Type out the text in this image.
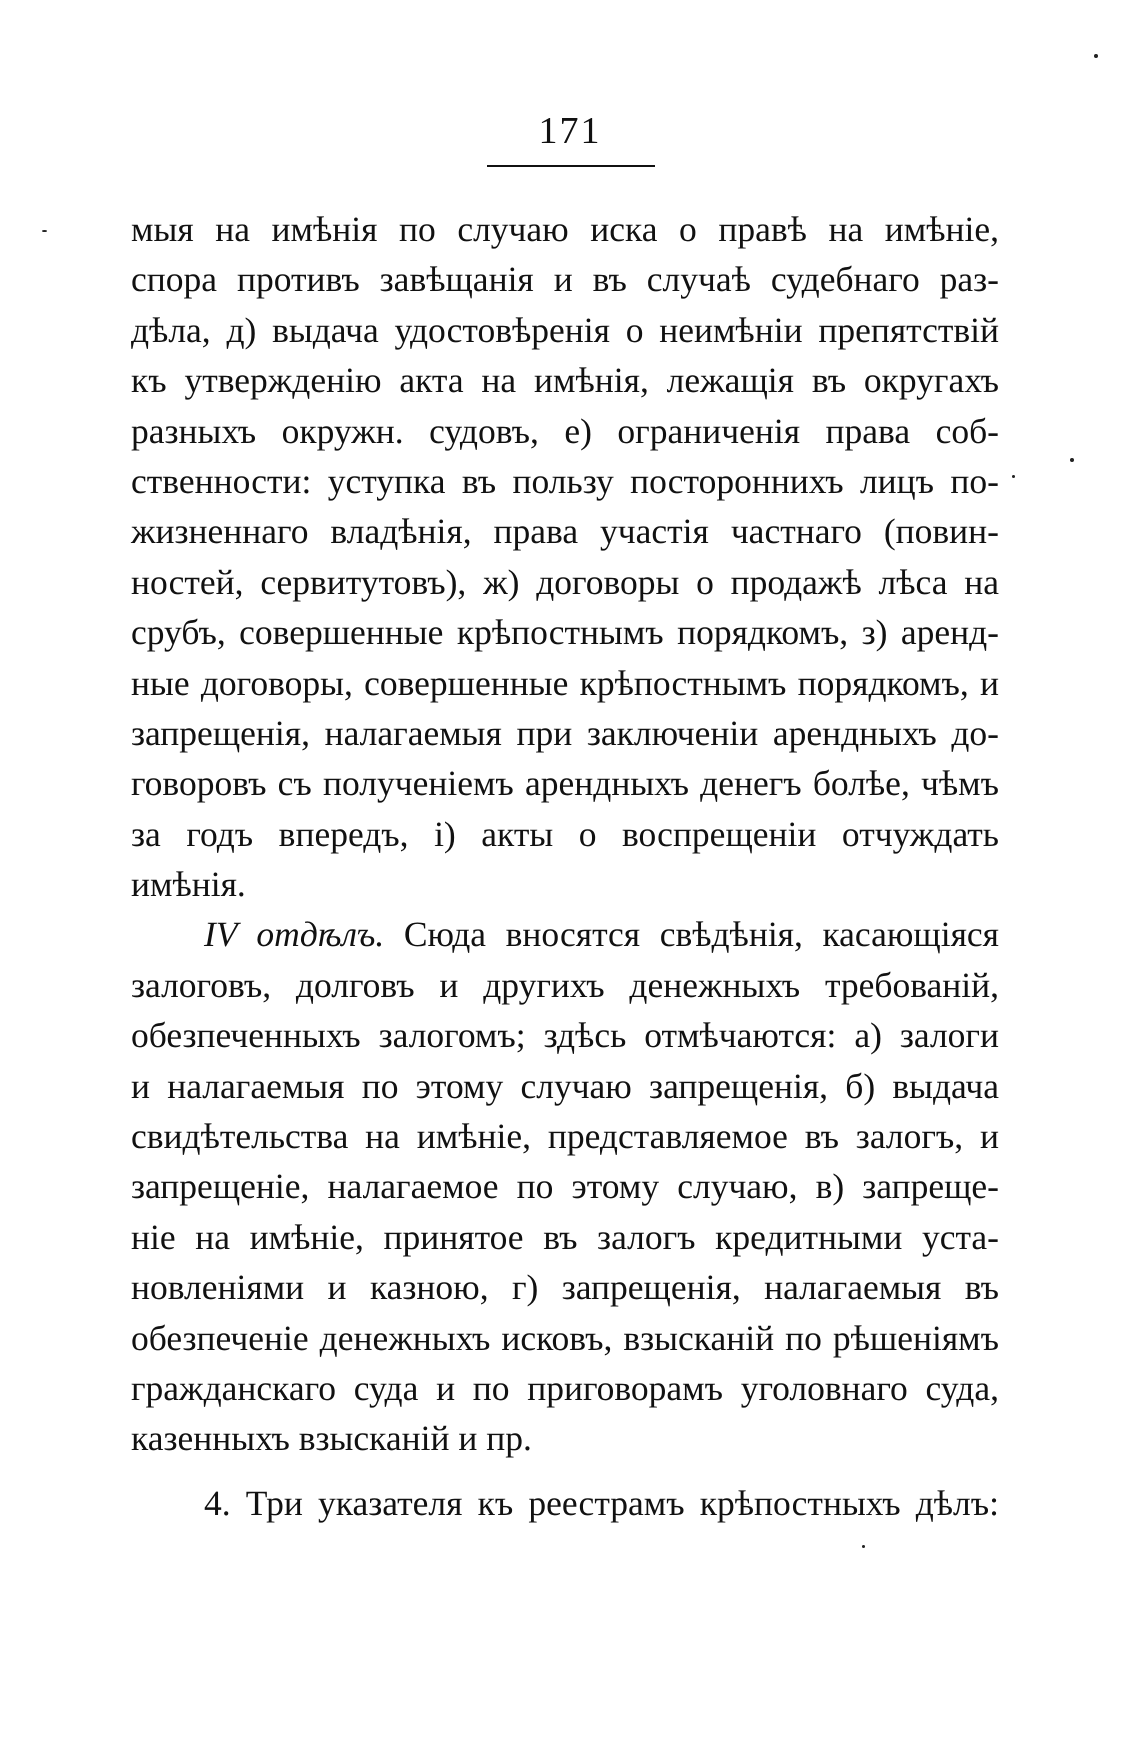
171
мыя на имѣнія по случаю иска о правѣ на имѣніе,
спора противъ завѣщанія и въ случаѣ судебнаго раз-
дѣла, д) выдача удостовѣренія о неимѣніи препятствій
къ утвержденію акта на имѣнія, лежащія въ округахъ
разныхъ окружн. судовъ, е) ограниченія права соб-
ственности: уступка въ пользу постороннихъ лицъ по-
жизненнаго владѣнія, права участія частнаго (повин-
ностей, сервитутовъ), ж) договоры о продажѣ лѣса на
срубъ, совершенные крѣпостнымъ порядкомъ, з) аренд-
ные договоры, совершенные крѣпостнымъ порядкомъ, и
запрещенія, налагаемыя при заключеніи арендныхъ до-
говоровъ съ полученіемъ арендныхъ денегъ болѣе, чѣмъ
за годъ впередъ, і) акты о воспрещеніи отчуждать
имѣнія.
IV отдѣлъ. Сюда вносятся свѣдѣнія, касающіяся
залоговъ, долговъ и другихъ денежныхъ требованій,
обезпеченныхъ залогомъ; здѣсь отмѣчаются: а) залоги
и налагаемыя по этому случаю запрещенія, б) выдача
свидѣтельства на имѣніе, представляемое въ залогъ, и
запрещеніе, налагаемое по этому случаю, в) запреще-
ніе на имѣніе, принятое въ залогъ кредитными уста-
новленіями и казною, г) запрещенія, налагаемыя въ
обезпеченіе денежныхъ исковъ, взысканій по рѣшеніямъ
гражданскаго суда и по приговорамъ уголовнаго суда,
казенныхъ взысканій и пр.
4. Три указателя къ реестрамъ крѣпостныхъ дѣлъ:
